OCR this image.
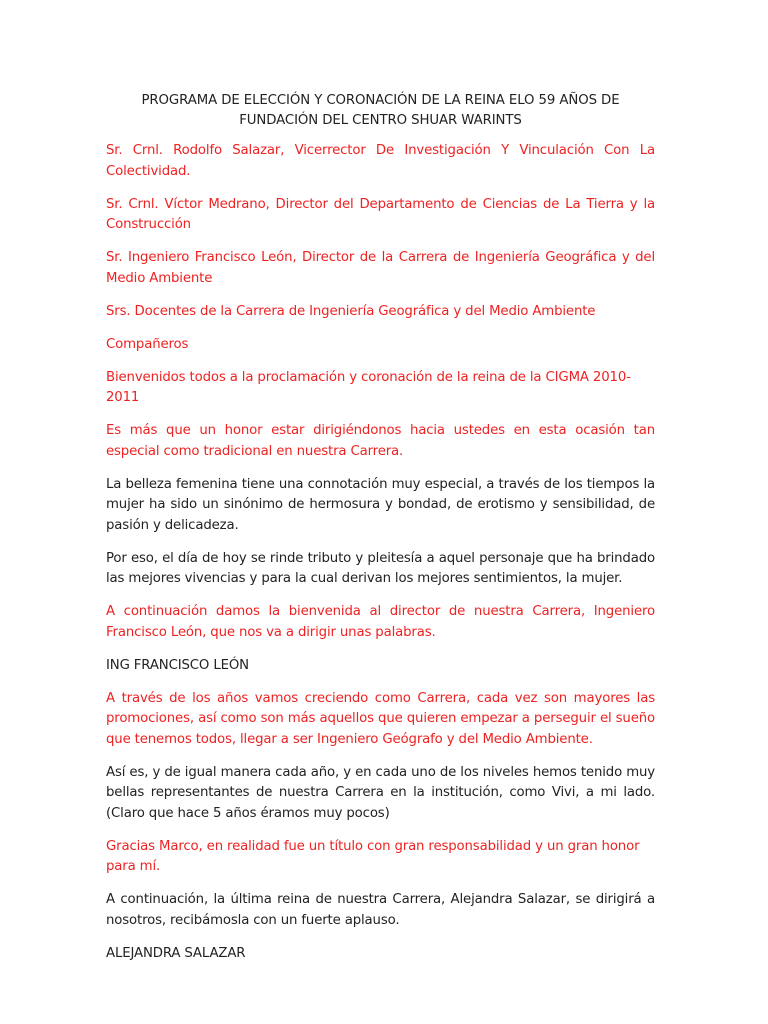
PROGRAMA DE ELECCIÓN Y CORONACIÓN DE LA REINA ELO 59 AÑOS DE FUNDACIÓN DEL CENTRO SHUAR WARINTS
Sr. Crnl. Rodolfo Salazar, Vicerrector De Investigación Y Vinculación Con La Colectividad.
Sr. Crnl. Víctor Medrano, Director del Departamento de Ciencias de La Tierra y la Construcción
Sr. Ingeniero Francisco León, Director de la Carrera de Ingeniería Geográfica y del Medio Ambiente
Srs. Docentes de la Carrera de Ingeniería Geográfica y del Medio Ambiente
Compañeros
Bienvenidos todos a la proclamación y coronación de la reina de la CIGMA 2010-2011
Es más que un honor estar dirigiéndonos hacia ustedes en esta ocasión tan especial como tradicional en nuestra Carrera.
La belleza femenina tiene una connotación muy especial, a través de los tiempos la mujer ha sido un sinónimo de hermosura y bondad, de erotismo y sensibilidad, de pasión y delicadeza.
Por eso, el día de hoy se rinde tributo y pleitesía a aquel personaje que ha brindado las mejores vivencias y para la cual derivan los mejores sentimientos, la mujer.
A continuación damos la bienvenida al director de nuestra Carrera, Ingeniero Francisco León, que nos va a dirigir unas palabras.
ING FRANCISCO LEÓN
A través de los años vamos creciendo como Carrera, cada vez son mayores las promociones, así como son más aquellos que quieren empezar a perseguir el sueño que tenemos todos, llegar a ser Ingeniero Geógrafo y del Medio Ambiente.
Así es, y de igual manera cada año, y en cada uno de los niveles hemos tenido muy bellas representantes de nuestra Carrera en la institución, como Vivi, a mi lado. (Claro que hace 5 años éramos muy pocos)
Gracias Marco, en realidad fue un título con gran responsabilidad y un gran honor para mí.
A continuación, la última reina de nuestra Carrera, Alejandra Salazar, se dirigirá a nosotros, recibámosla con un fuerte aplauso.
ALEJANDRA SALAZAR
